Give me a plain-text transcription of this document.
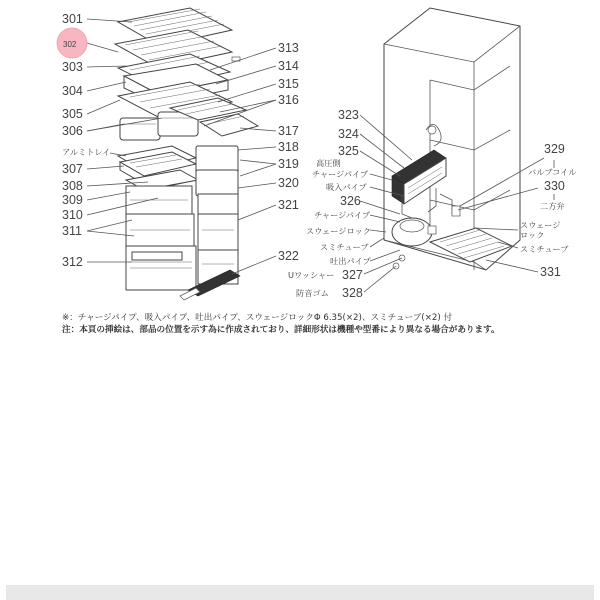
301
302
303
304
305
306
アルミトレイ
307
308
309
310
311
312
313
314
315
316
317
318
319
320
321
322
323
324
325
高圧側
チャージパイプ
吸入パイプ
326
チャージパイプ
スウェージロック
スミチューブ
吐出パイプ
Uワッシャー 327
防音ゴム 328
329
バルブコイル
330
二方弁
スウェージ
ロック
スミチューブ
331
※：チャージパイプ、吸入パイプ、吐出パイプ、スウェージロックΦ 6.35(×2)、スミチューブ(×2) 付
注：本頁の挿絵は、部品の位置を示す為に作成されており、詳細形状は機種や型番により異なる場合があります。
